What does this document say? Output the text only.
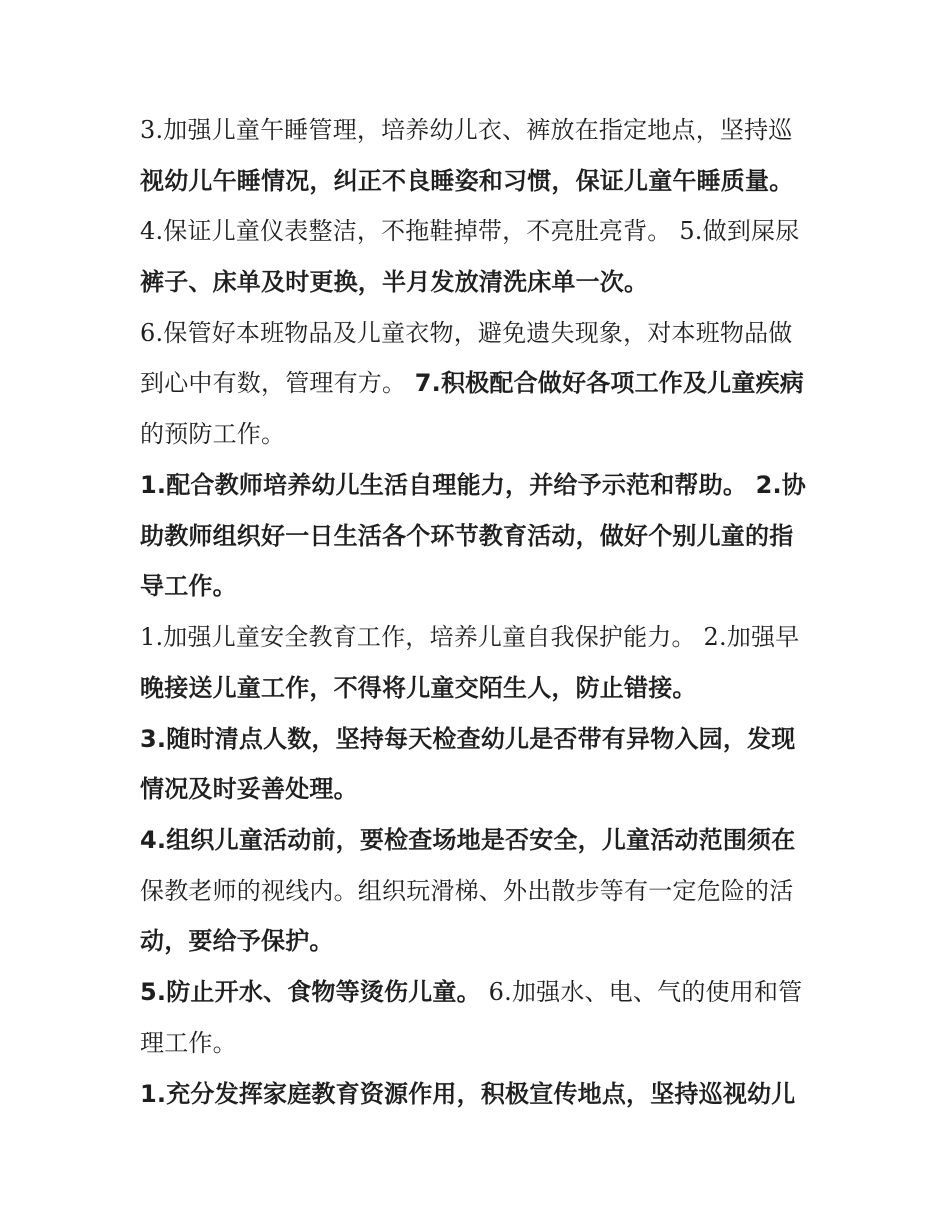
3.加强儿童午睡管理，培养幼儿衣、裤放在指定地点，坚持巡
视幼儿午睡情况，纠正不良睡姿和习惯，保证儿童午睡质量。
4.保证儿童仪表整洁，不拖鞋掉带，不亮肚亮背。 5.做到屎尿
裤子、床单及时更换，半月发放清洗床单一次。
6.保管好本班物品及儿童衣物，避免遗失现象，对本班物品做
到心中有数，管理有方。 7.积极配合做好各项工作及儿童疾病
的预防工作。
1.配合教师培养幼儿生活自理能力，并给予示范和帮助。 2.协
助教师组织好一日生活各个环节教育活动，做好个别儿童的指
导工作。
1.加强儿童安全教育工作，培养儿童自我保护能力。 2.加强早
晚接送儿童工作，不得将儿童交陌生人，防止错接。
3.随时清点人数，坚持每天检查幼儿是否带有异物入园，发现
情况及时妥善处理。
4.组织儿童活动前，要检查场地是否安全，儿童活动范围须在
保教老师的视线内。组织玩滑梯、外出散步等有一定危险的活
动，要给予保护。
5.防止开水、食物等烫伤儿童。 6.加强水、电、气的使用和管
理工作。
1.充分发挥家庭教育资源作用，积极宣传地点，坚持巡视幼儿
